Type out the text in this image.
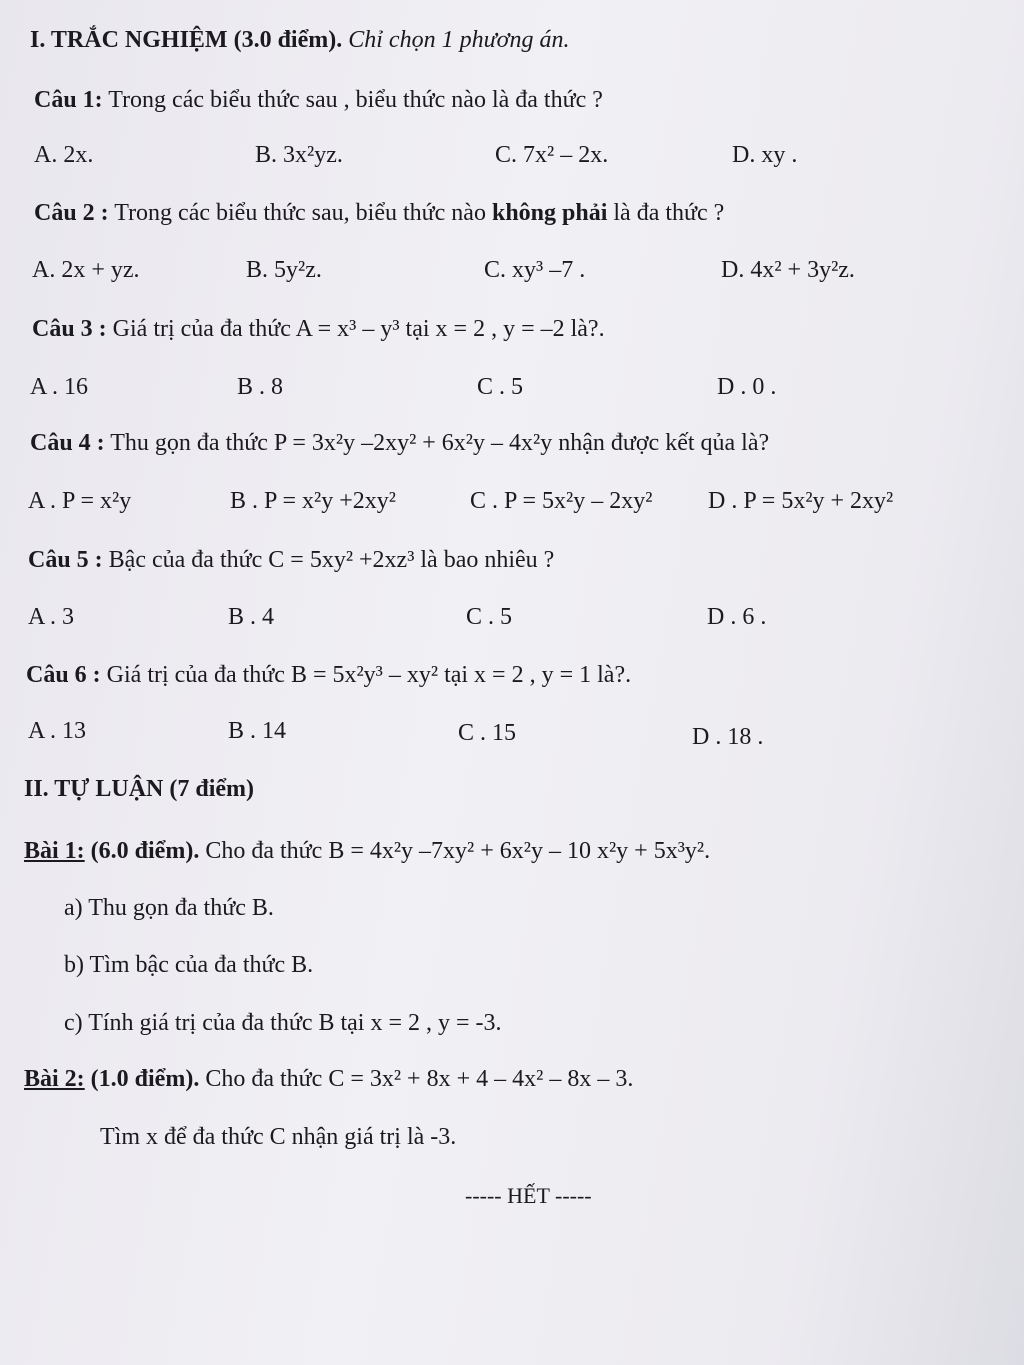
I. TRẮC NGHIỆM (3.0 điểm). Chỉ chọn 1 phương án.
Câu 1: Trong các biểu thức sau , biểu thức nào là đa thức ?
A. 2x.	B. 3x²yz.	C. 7x² – 2x.	D. xy .
Câu 2 : Trong các biểu thức sau, biểu thức nào không phải là đa thức ?
A. 2x + yz.	B. 5y²z.	C. xy³ –7 .	D. 4x² + 3y²z.
Câu 3 : Giá trị của đa thức A = x³ – y³ tại x = 2 , y = –2 là?.
A . 16	B . 8	C . 5	D . 0 .
Câu 4 : Thu gọn đa thức P = 3x²y –2xy² + 6x²y – 4x²y nhận được kết qủa là?
A . P = x²y	B . P = x²y +2xy²	C . P = 5x²y – 2xy² D . P = 5x²y + 2xy²
Câu 5 : Bậc của đa thức C = 5xy² +2xz³ là bao nhiêu ?
A . 3	B . 4	C . 5	D . 6 .
Câu 6 : Giá trị của đa thức B = 5x²y³ – xy² tại x = 2 , y = 1 là?.
A . 13	B . 14	C . 15	D . 18 .
II. TỰ LUẬN (7 điểm)
Bài 1: (6.0 điểm). Cho đa thức B = 4x²y –7xy² + 6x²y – 10 x²y + 5x³y².
a) Thu gọn đa thức B.
b) Tìm bậc của đa thức B.
c) Tính giá trị của đa thức B tại x = 2 , y = -3.
Bài 2: (1.0 điểm). Cho đa thức C = 3x² + 8x + 4 – 4x² – 8x – 3.
Tìm x để đa thức C nhận giá trị là -3.
----- HẾT -----
